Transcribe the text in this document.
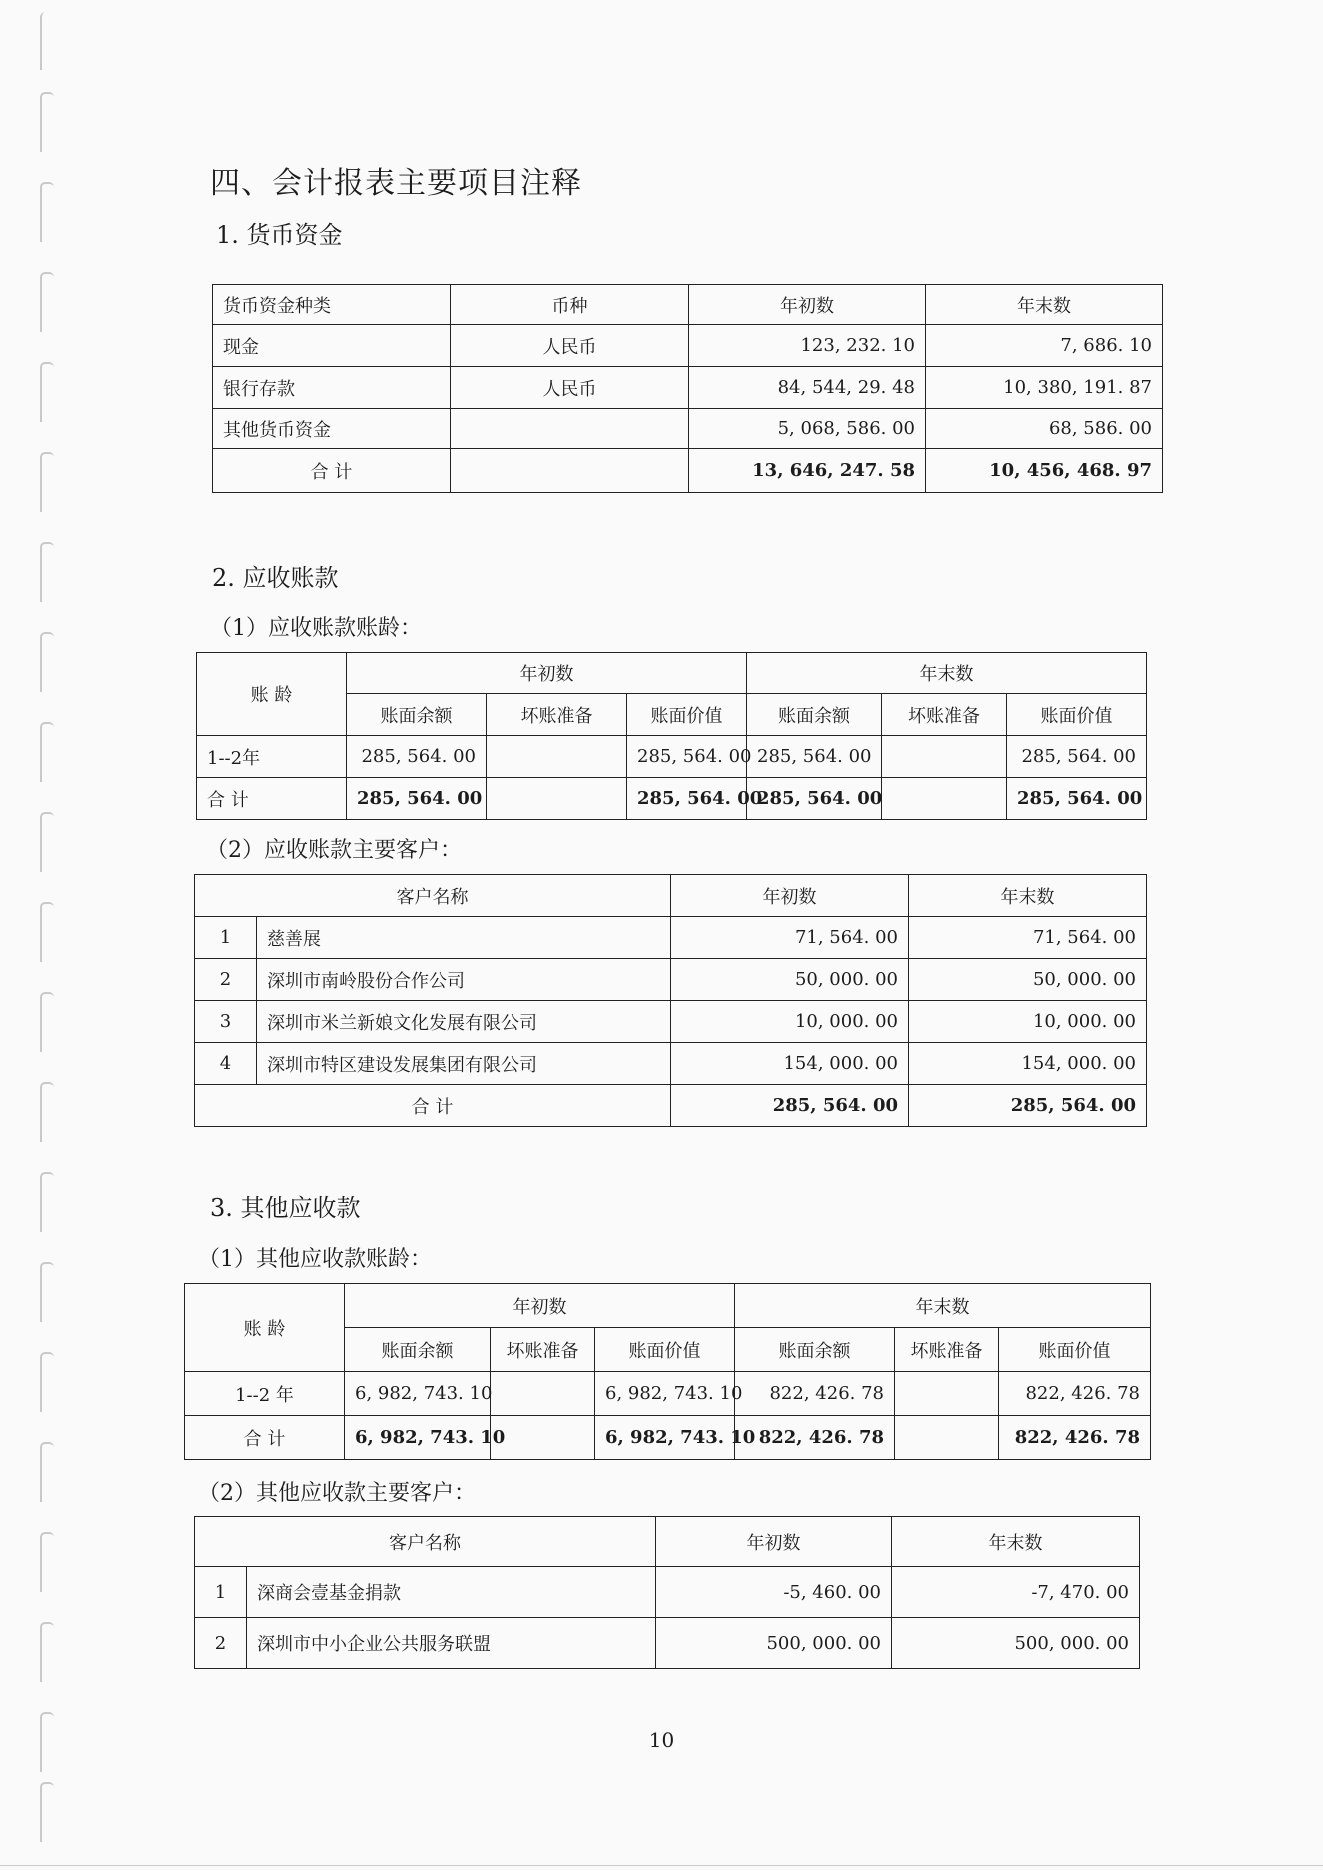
四、会计报表主要项目注释
1. 货币资金
货币资金种类	币种	年初数	年末数
现金	人民币	123, 232. 10	7, 686. 10
银行存款	人民币	84, 544, 29. 48	10, 380, 191. 87
其他货币资金		5, 068, 586. 00	68, 586. 00
合 计		13, 646, 247. 58	10, 456, 468. 97
2. 应收账款
（1）应收账款账龄：
账 龄	年初数			年末数		
	账面余额	坏账准备	账面价值	账面余额	坏账准备	账面价值
1--2年	285, 564. 00		285, 564. 00	285, 564. 00		285, 564. 00
合 计	285, 564. 00		285, 564. 00	285, 564. 00		285, 564. 00
（2）应收账款主要客户：
客户名称		年初数	年末数
1	慈善展	71, 564. 00	71, 564. 00
2	深圳市南岭股份合作公司	50, 000. 00	50, 000. 00
3	深圳市米兰新娘文化发展有限公司	10, 000. 00	10, 000. 00
4	深圳市特区建设发展集团有限公司	154, 000. 00	154, 000. 00
合 计		285, 564. 00	285, 564. 00
3. 其他应收款
（1）其他应收款账龄：
账 龄	年初数			年末数		
	账面余额	坏账准备	账面价值	账面余额	坏账准备	账面价值
1--2 年	6, 982, 743. 10		6, 982, 743. 10	822, 426. 78		822, 426. 78
合 计	6, 982, 743. 10		6, 982, 743. 10	822, 426. 78		822, 426. 78
（2）其他应收款主要客户：
客户名称		年初数	年末数
1	深商会壹基金捐款	-5, 460. 00	-7, 470. 00
2	深圳市中小企业公共服务联盟	500, 000. 00	500, 000. 00
10
